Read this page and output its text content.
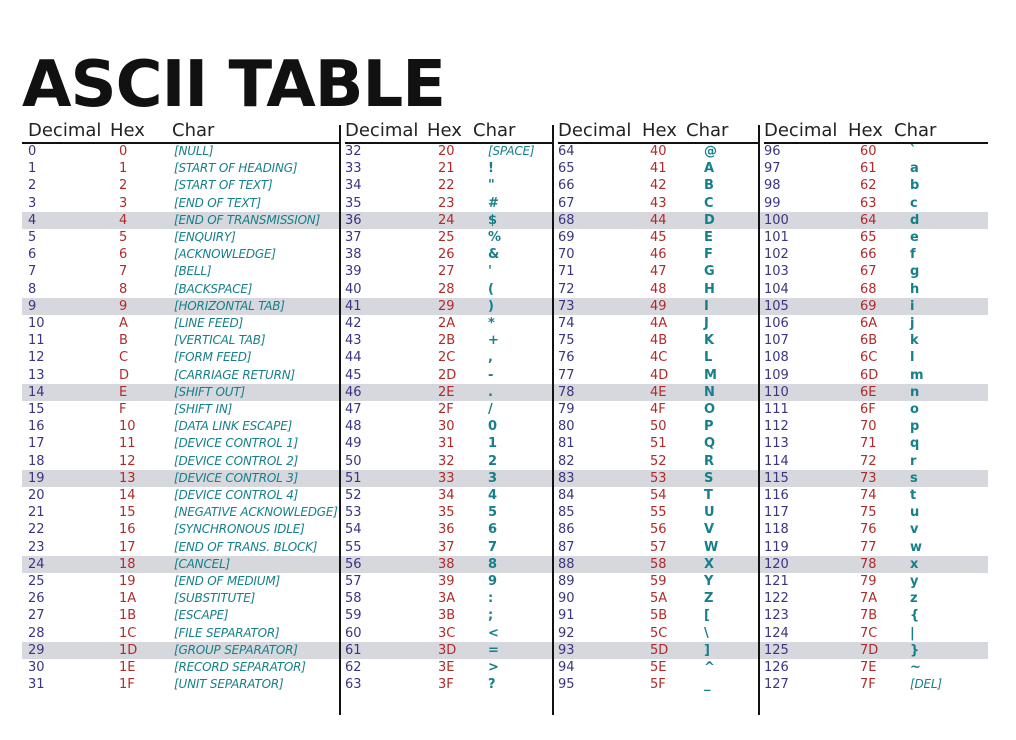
ASCII TABLE
Decimal Hex Char
0	0	[NULL]
1	1	[START OF HEADING]
2	2	[START OF TEXT]
3	3	[END OF TEXT]
4	4	[END OF TRANSMISSION]
5	5	[ENQUIRY]
6	6	[ACKNOWLEDGE]
7	7	[BELL]
8	8	[BACKSPACE]
9	9	[HORIZONTAL TAB]
10	A	[LINE FEED]
11	B	[VERTICAL TAB]
12	C	[FORM FEED]
13	D	[CARRIAGE RETURN]
14	E	[SHIFT OUT]
15	F	[SHIFT IN]
16	10	[DATA LINK ESCAPE]
17	11	[DEVICE CONTROL 1]
18	12	[DEVICE CONTROL 2]
19	13	[DEVICE CONTROL 3]
20	14	[DEVICE CONTROL 4]
21	15	[NEGATIVE ACKNOWLEDGE]
22	16	[SYNCHRONOUS IDLE]
23	17	[END OF TRANS. BLOCK]
24	18	[CANCEL]
25	19	[END OF MEDIUM]
26	1A	[SUBSTITUTE]
27	1B	[ESCAPE]
28	1C	[FILE SEPARATOR]
29	1D	[GROUP SEPARATOR]
30	1E	[RECORD SEPARATOR]
31	1F	[UNIT SEPARATOR]
Decimal Hex Char
32	20	[SPACE]
33	21	!
34	22	"
35	23	#
36	24	$
37	25	%
38	26	&
39	27	'
40	28	(
41	29	)
42	2A	*
43	2B	+
44	2C	,
45	2D -
46	2E	.
47	2F	/
48	30	0
49	31	1
50	32	2
51	33	3
52	34	4
53	35	5
54	36	6
55	37	7
56	38	8
57	39	9
58	3A	:
59	3B	;
60	3C	<
61	3D =
62	3E	>
63	3F	?
Decimal Hex Char
64	40	@
65	41	A
66	42	B
67	43	C
68	44	D
69	45	E
70	46	F
71	47	G
72	48	H
73	49	I
74	4A	J
75	4B	K
76	4C	L
77	4D	M
78	4E	N
79	4F	O
80	50	P
81	51	Q
82	52	R
83	53	S
84	54	T
85	55	U
86	56	V
87	57	W
88	58	X
89	59	Y
90	5A	Z
91	5B	[
92	5C	\
93	5D	]
94	5E	^
95	5F	_
Decimal Hex Char
96	60	`
97	61	a
98	62	b
99	63	c
100	64	d
101	65	e
102	66	f
103	67	g
104	68	h
105	69	i
106	6A	j
107	6B	k
108	6C	l
109	6D m
110	6E	n
111	6F	o
112	70	p
113	71	q
114	72	r
115	73	s
116	74	t
117	75	u
118	76	v
119	77	w
120	78	x
121	79	y
122	7A	z
123	7B	{
124	7C	|
125	7D }
126	7E	~
127	7F	[DEL]
